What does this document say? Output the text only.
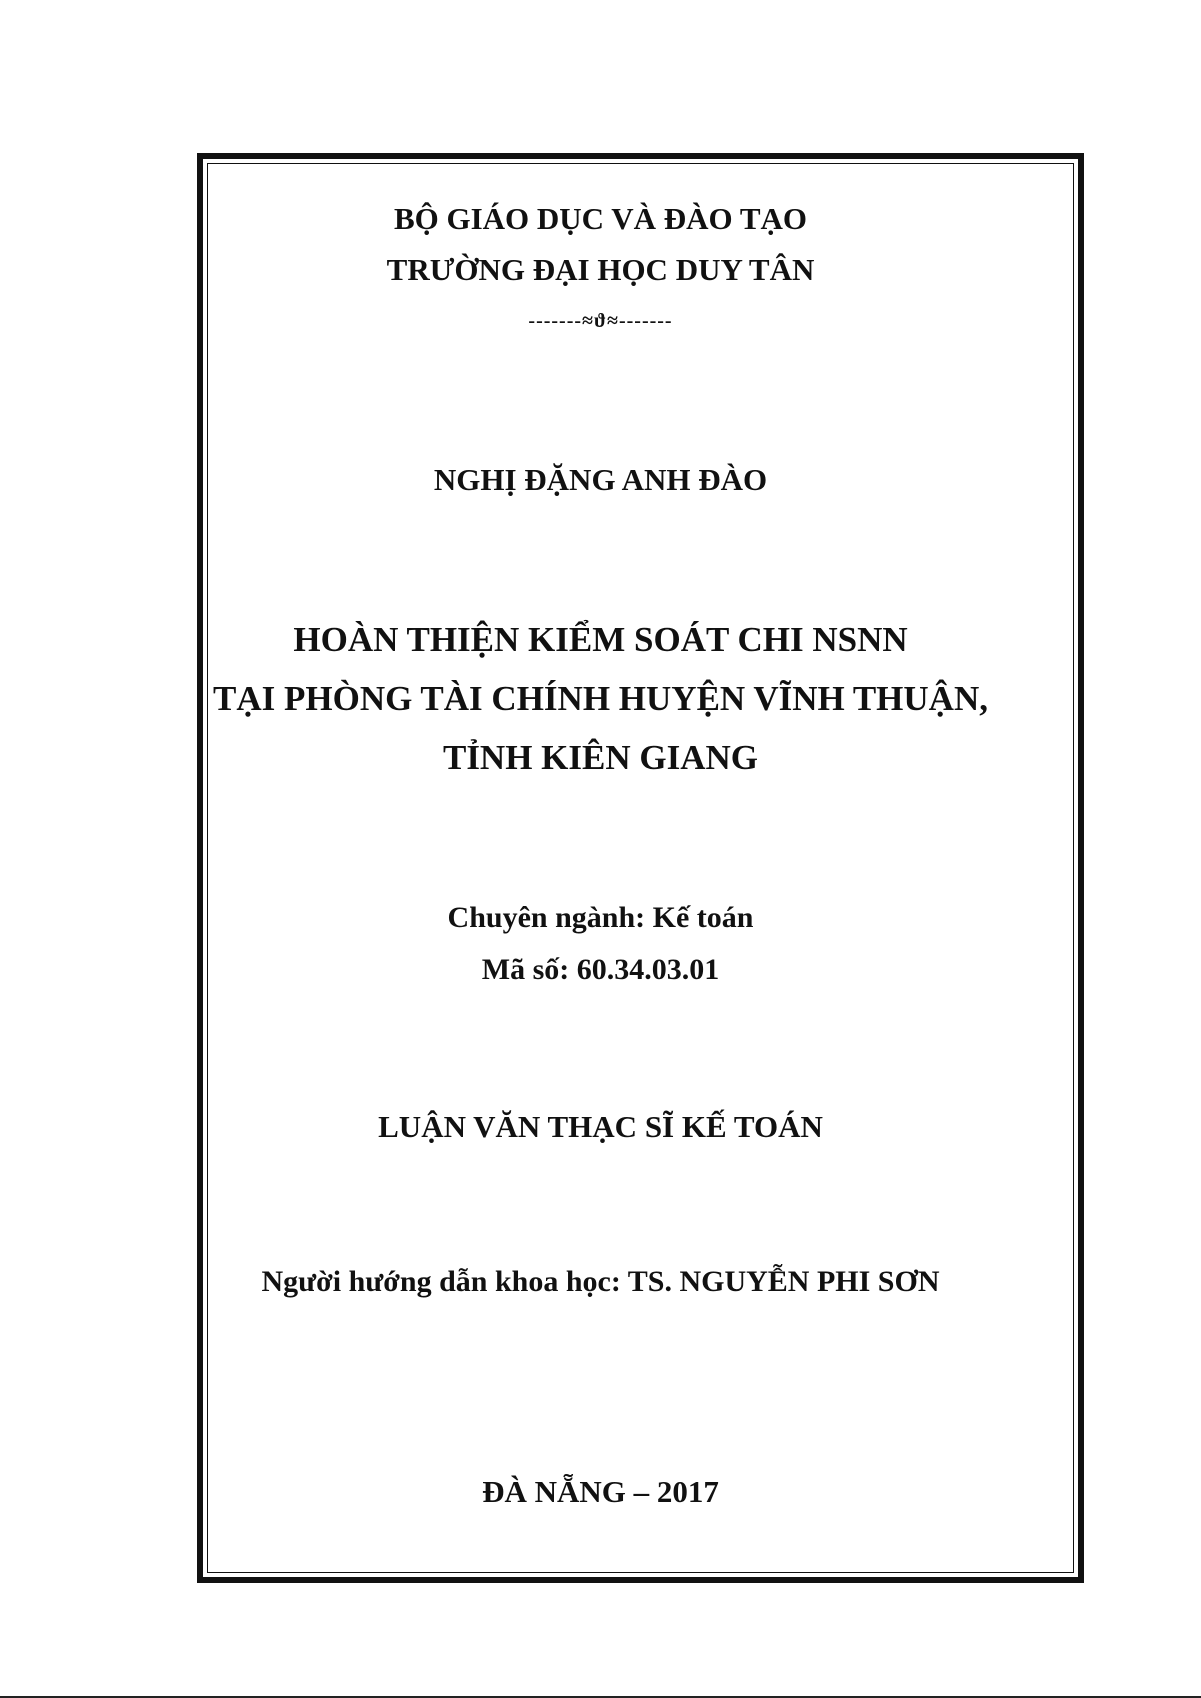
BỘ GIÁO DỤC VÀ ĐÀO TẠO
TRƯỜNG ĐẠI HỌC DUY TÂN
-------≈ϑ≈-------
NGHỊ ĐẶNG ANH ĐÀO
HOÀN THIỆN KIỂM SOÁT CHI NSNN
TẠI PHÒNG TÀI CHÍNH HUYỆN VĨNH THUẬN,
TỈNH KIÊN GIANG
Chuyên ngành: Kế toán
Mã số: 60.34.03.01
LUẬN VĂN THẠC SĨ KẾ TOÁN
Người hướng dẫn khoa học: TS. NGUYỄN PHI SƠN
ĐÀ NẴNG – 2017
